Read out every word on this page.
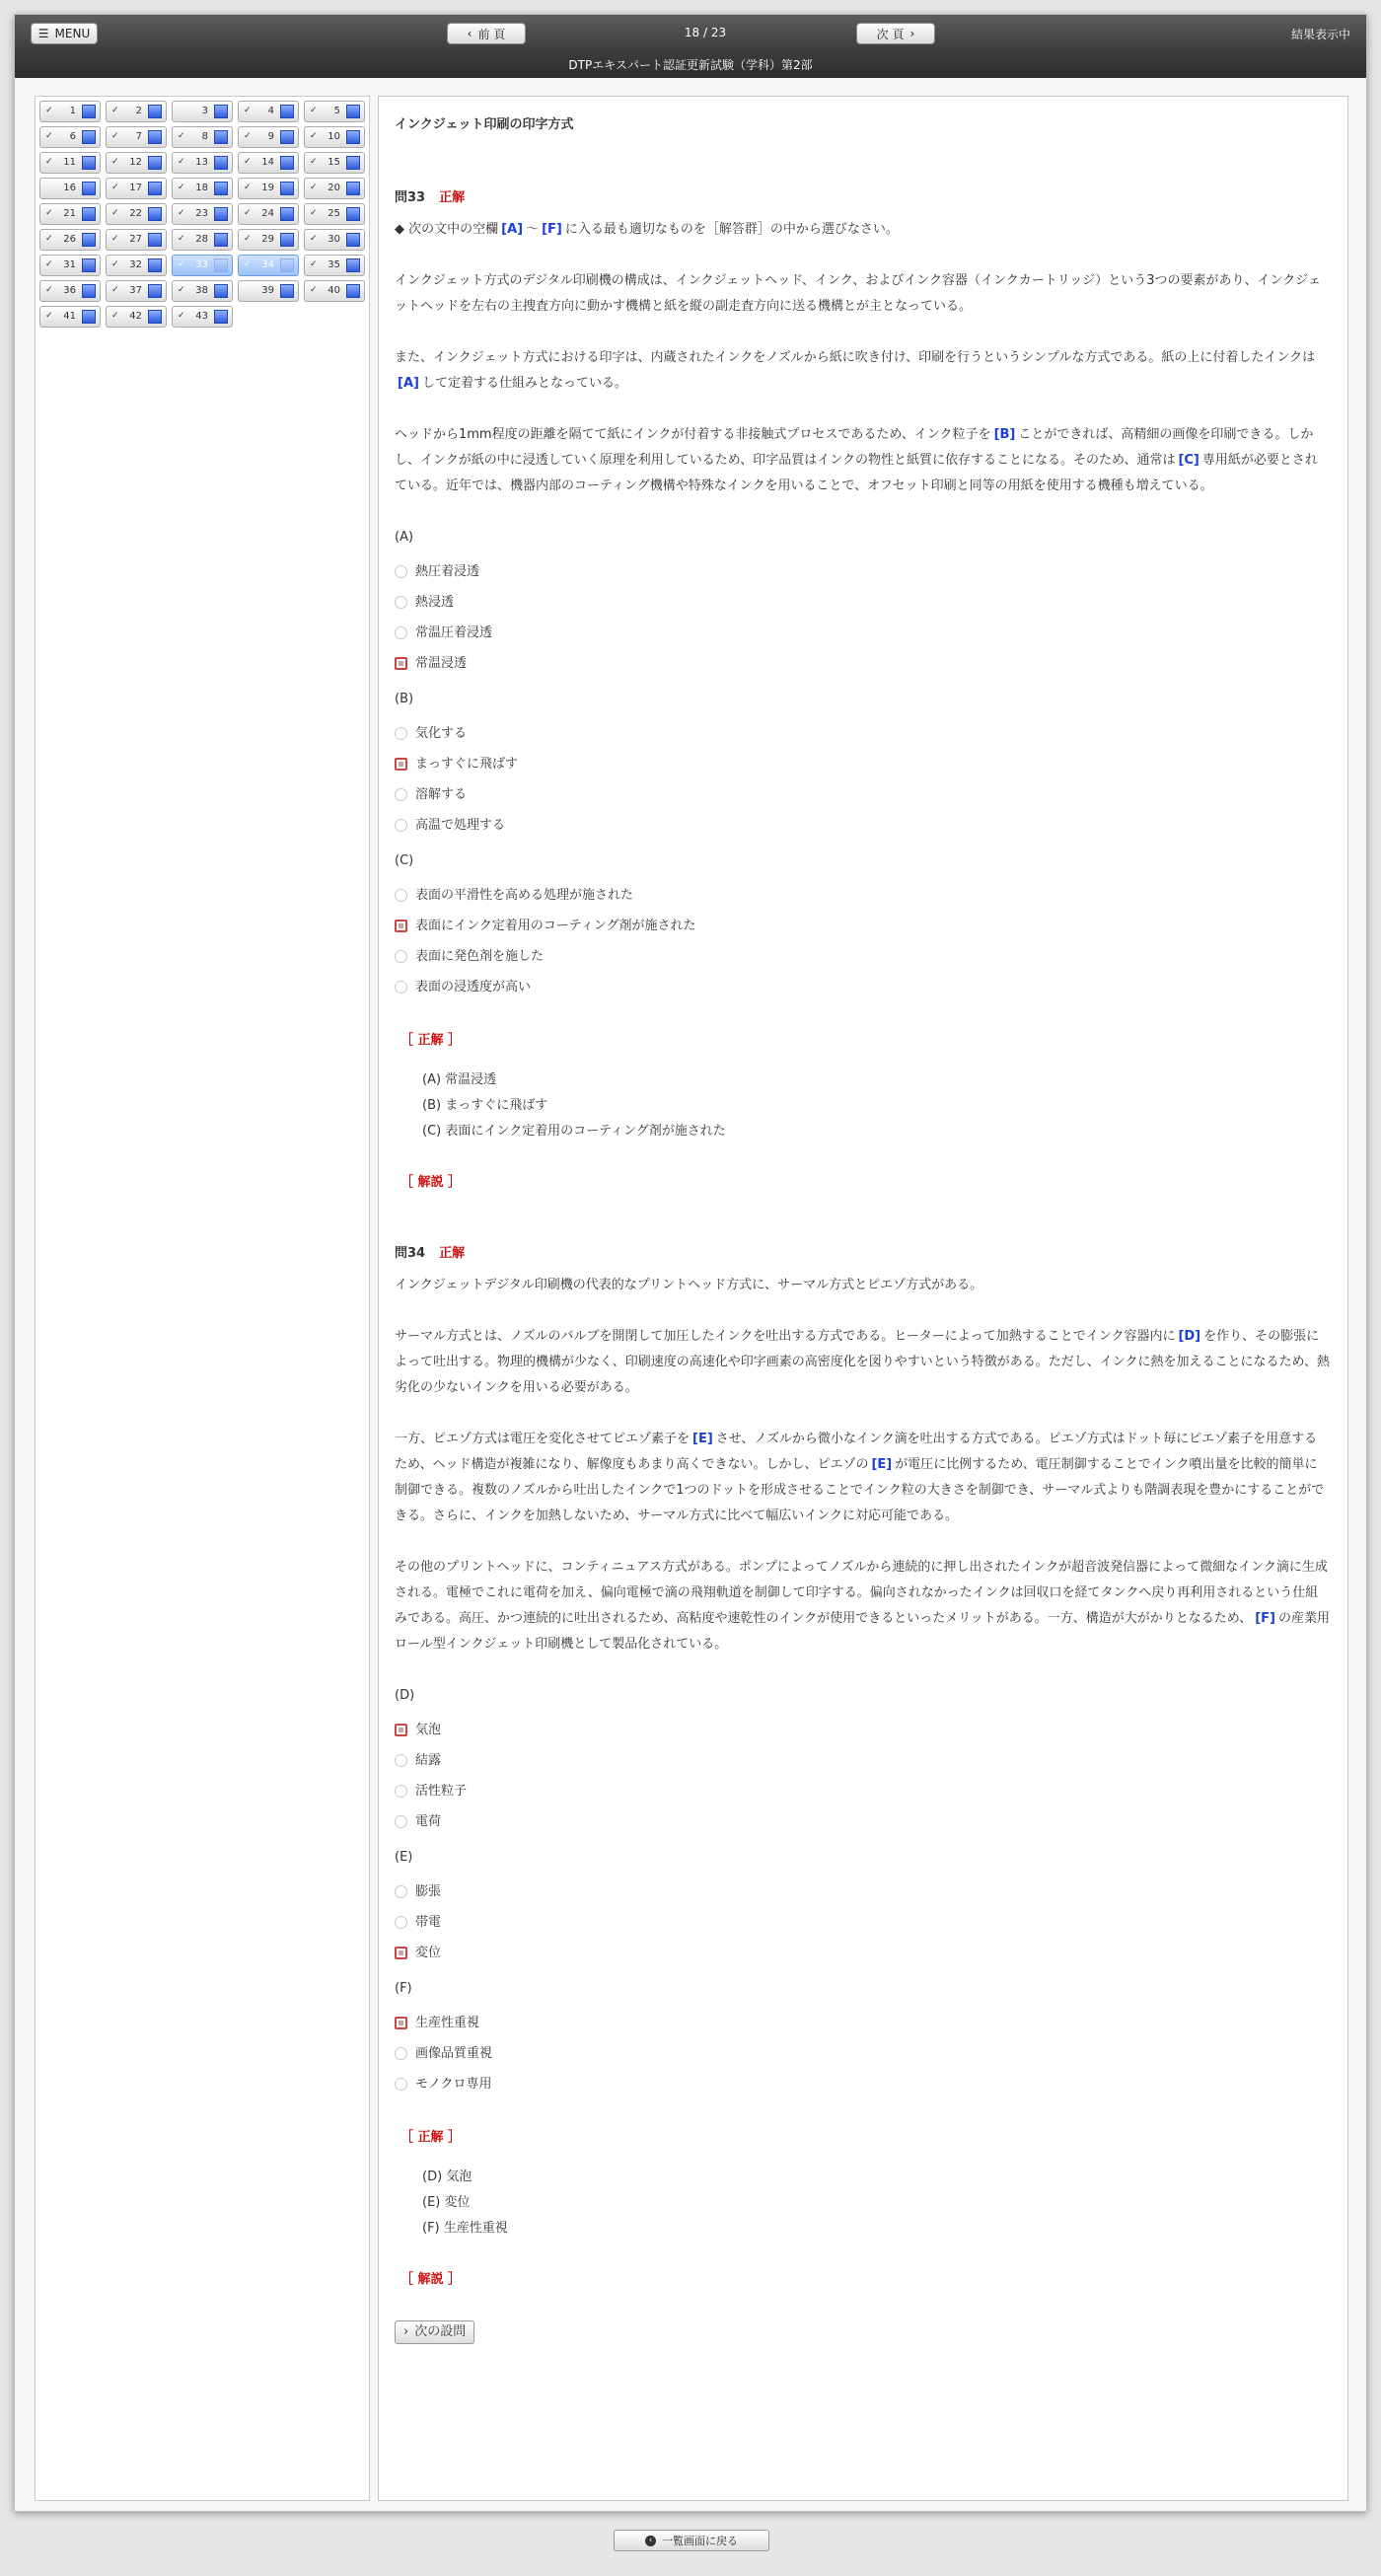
☰ MENU	‹ 前 頁	18 / 23	次 頁 ›	結果表示中
DTPエキスパート認証更新試験（学科）第2部
✓ 1	✓ 2	3	✓ 4	✓ 5
✓ 6	✓ 7	✓ 8	✓ 9	✓ 10
✓ 11	✓ 12	✓ 13	✓ 14	✓ 15
16	✓ 17	✓ 18	✓ 19	✓ 20
✓ 21	✓ 22	✓ 23	✓ 24	✓ 25
✓ 26	✓ 27	✓ 28	✓ 29	✓ 30
✓ 31	✓ 32	✓ 33	✓ 34	✓ 35
✓ 36	✓ 37	✓ 38	39	✓ 40
✓ 41	✓ 42	✓ 43
インクジェット印刷の印字方式
問33 正解

◆ 次の文中の空欄 [A] 〜 [F] に入る最も適切なものを［解答群］の中から選びなさい。

インクジェット方式のデジタル印刷機の構成は、インクジェットヘッド、インク、およびインク容器（インクカートリッジ）という3つの要素があり、インクジェットヘッドを左右の主捜査方向に動かす機構と紙を縦の副走査方向に送る機構とが主となっている。

また、インクジェット方式における印字は、内蔵されたインクをノズルから紙に吹き付け、印刷を行うというシンプルな方式である。紙の上に付着したインクは[A] して定着する仕組みとなっている。

ヘッドから1mm程度の距離を隔てて紙にインクが付着する非接触式プロセスであるため、インク粒子を [B] ことができれば、高精細の画像を印刷できる。しかし、インクが紙の中に浸透していく原理を利用しているため、印字品質はインクの物性と紙質に依存することになる。そのため、通常は [C] 専用紙が必要とされている。近年では、機器内部のコーティング機構や特殊なインクを用いることで、オフセット印刷と同等の用紙を使用する機種も増えている。

(A)
熱圧着浸透
熱浸透
常温圧着浸透
常温浸透
(B)
気化する
まっすぐに飛ばす
溶解する
高温で処理する
(C)
表面の平滑性を高める処理が施された
表面にインク定着用のコーティング剤が施された
表面に発色剤を施した
表面の浸透度が高い
［ 正解 ］
(A) 常温浸透
(B) まっすぐに飛ばす
(C) 表面にインク定着用のコーティング剤が施された
［ 解説 ］
問34 正解

インクジェットデジタル印刷機の代表的なプリントヘッド方式に、サーマル方式とピエゾ方式がある。

サーマル方式とは、ノズルのバルブを開閉して加圧したインクを吐出する方式である。ヒーターによって加熱することでインク容器内に [D] を作り、その膨張によって吐出する。物理的機構が少なく、印刷速度の高速化や印字画素の高密度化を図りやすいという特徴がある。ただし、インクに熱を加えることになるため、熱劣化の少ないインクを用いる必要がある。

一方、ピエゾ方式は電圧を変化させてピエゾ素子を [E] させ、ノズルから微小なインク滴を吐出する方式である。ピエゾ方式はドット毎にピエゾ素子を用意するため、ヘッド構造が複雑になり、解像度もあまり高くできない。しかし、ピエゾの [E] が電圧に比例するため、電圧制御することでインク噴出量を比較的簡単に制御できる。複数のノズルから吐出したインクで1つのドットを形成させることでインク粒の大きさを制御でき、サーマル式よりも階調表現を豊かにすることができる。さらに、インクを加熱しないため、サーマル方式に比べて幅広いインクに対応可能である。

その他のプリントヘッドに、コンティニュアス方式がある。ポンプによってノズルから連続的に押し出されたインクが超音波発信器によって微細なインク滴に生成される。電極でこれに電荷を加え、偏向電極で滴の飛翔軌道を制御して印字する。偏向されなかったインクは回収口を経てタンクへ戻り再利用されるという仕組みである。高圧、かつ連続的に吐出されるため、高粘度や速乾性のインクが使用できるといったメリットがある。一方、構造が大がかりとなるため、 [F] の産業用ロール型インクジェット印刷機として製品化されている。

(D)
気泡
結露
活性粒子
電荷
(E)
膨張
帯電
変位
(F)
生産性重視
画像品質重視
モノクロ専用
［ 正解 ］
(D) 気泡
(E) 変位
(F) 生産性重視
［ 解説 ］
› 次の設問
‹ 一覧画面に戻る
